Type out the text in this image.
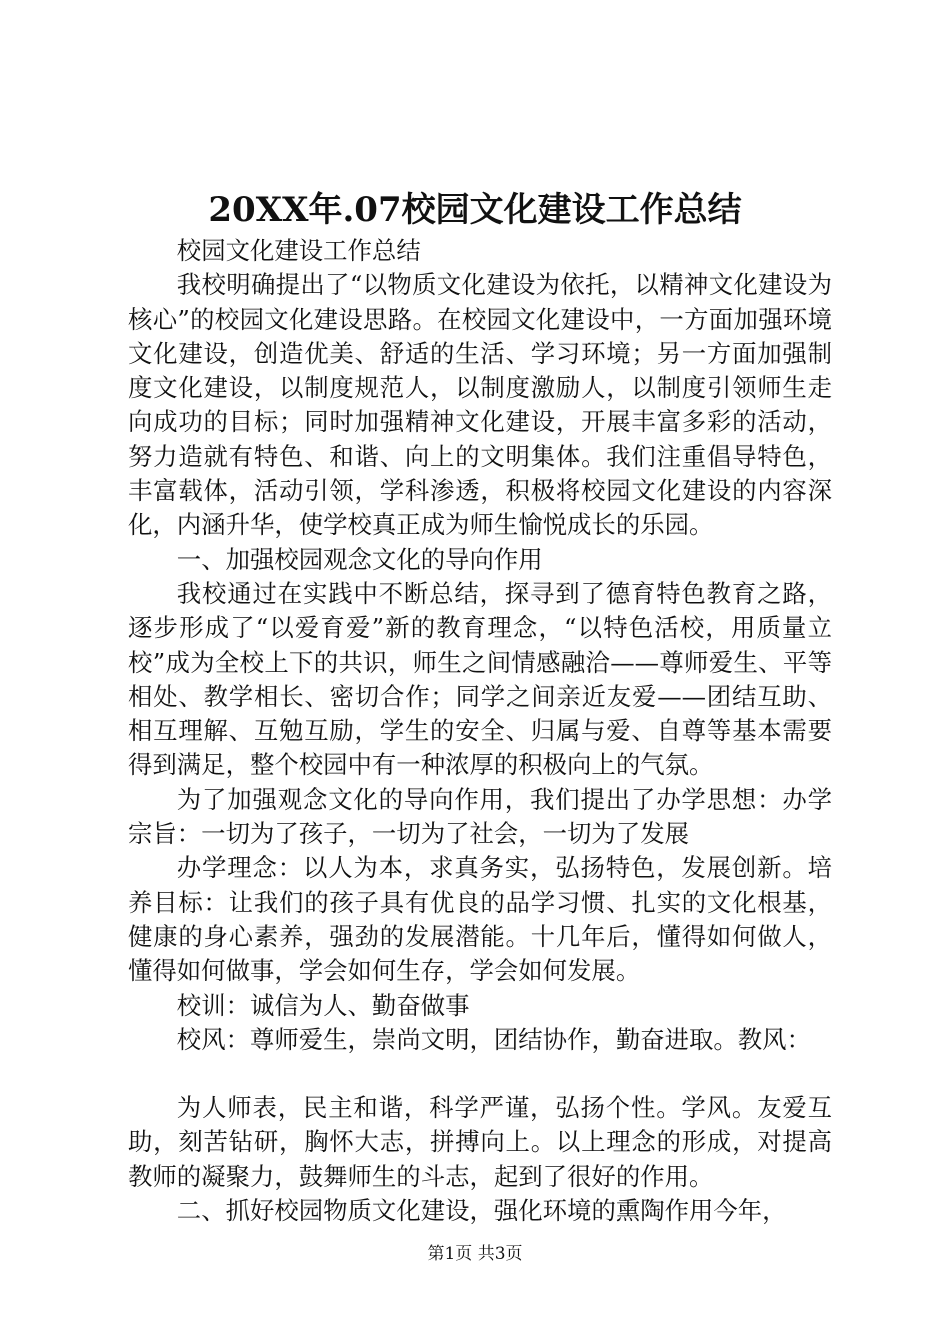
20XX年.07校园文化建设工作总结

校园文化建设工作总结

我校明确提出了“以物质文化建设为依托，以精神文化建设为核心”的校园文化建设思路。在校园文化建设中，一方面加强环境文化建设，创造优美、舒适的生活、学习环境；另一方面加强制度文化建设，以制度规范人，以制度激励人，以制度引领师生走向成功的目标；同时加强精神文化建设，开展丰富多彩的活动，努力造就有特色、和谐、向上的文明集体。我们注重倡导特色，丰富载体，活动引领，学科渗透，积极将校园文化建设的内容深化，内涵升华，使学校真正成为师生愉悦成长的乐园。

一、加强校园观念文化的导向作用

我校通过在实践中不断总结，探寻到了德育特色教育之路，逐步形成了“以爱育爱”新的教育理念，“以特色活校，用质量立校”成为全校上下的共识，师生之间情感融洽——尊师爱生、平等相处、教学相长、密切合作；同学之间亲近友爱——团结互助、相互理解、互勉互励，学生的安全、归属与爱、自尊等基本需要得到满足，整个校园中有一种浓厚的积极向上的气氛。

为了加强观念文化的导向作用，我们提出了办学思想：办学宗旨：一切为了孩子，一切为了社会，一切为了发展

办学理念：以人为本，求真务实，弘扬特色，发展创新。培养目标：让我们的孩子具有优良的品学习惯、扎实的文化根基，健康的身心素养，强劲的发展潜能。十几年后，懂得如何做人，懂得如何做事，学会如何生存，学会如何发展。

校训：诚信为人、勤奋做事

校风：尊师爱生，崇尚文明，团结协作，勤奋进取。教风：

为人师表，民主和谐，科学严谨，弘扬个性。学风。友爱互助，刻苦钻研，胸怀大志，拼搏向上。以上理念的形成，对提高教师的凝聚力，鼓舞师生的斗志，起到了很好的作用。

二、抓好校园物质文化建设，强化环境的熏陶作用今年，

第1页 共3页
